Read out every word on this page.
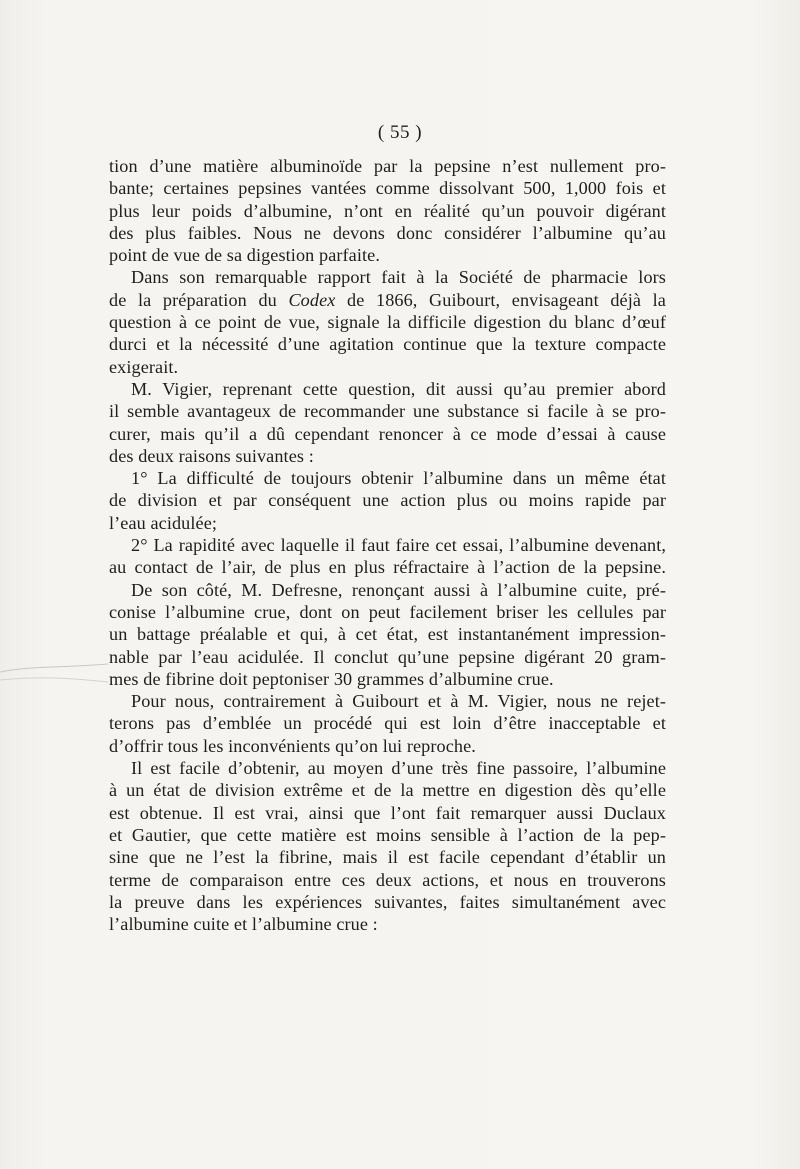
( 55 )
tion d’une matière albuminoïde par la pepsine n’est nullement pro-
bante; certaines pepsines vantées comme dissolvant 500, 1,000 fois et
plus leur poids d’albumine, n’ont en réalité qu’un pouvoir digérant
des plus faibles. Nous ne devons donc considérer l’albumine qu’au
point de vue de sa digestion parfaite.
Dans son remarquable rapport fait à la Société de pharmacie lors
de la préparation du Codex de 1866, Guibourt, envisageant déjà la
question à ce point de vue, signale la difficile digestion du blanc d’œuf
durci et la nécessité d’une agitation continue que la texture compacte
exigerait.
M. Vigier, reprenant cette question, dit aussi qu’au premier abord
il semble avantageux de recommander une substance si facile à se pro-
curer, mais qu’il a dû cependant renoncer à ce mode d’essai à cause
des deux raisons suivantes :
1° La difficulté de toujours obtenir l’albumine dans un même état
de division et par conséquent une action plus ou moins rapide par
l’eau acidulée;
2° La rapidité avec laquelle il faut faire cet essai, l’albumine devenant,
au contact de l’air, de plus en plus réfractaire à l’action de la pepsine.
De son côté, M. Defresne, renonçant aussi à l’albumine cuite, pré-
conise l’albumine crue, dont on peut facilement briser les cellules par
un battage préalable et qui, à cet état, est instantanément impression-
nable par l’eau acidulée. Il conclut qu’une pepsine digérant 20 gram-
mes de fibrine doit peptoniser 30 grammes d’albumine crue.
Pour nous, contrairement à Guibourt et à M. Vigier, nous ne rejet-
terons pas d’emblée un procédé qui est loin d’être inacceptable et
d’offrir tous les inconvénients qu’on lui reproche.
Il est facile d’obtenir, au moyen d’une très fine passoire, l’albumine
à un état de division extrême et de la mettre en digestion dès qu’elle
est obtenue. Il est vrai, ainsi que l’ont fait remarquer aussi Duclaux
et Gautier, que cette matière est moins sensible à l’action de la pep-
sine que ne l’est la fibrine, mais il est facile cependant d’établir un
terme de comparaison entre ces deux actions, et nous en trouverons
la preuve dans les expériences suivantes, faites simultanément avec
l’albumine cuite et l’albumine crue :
